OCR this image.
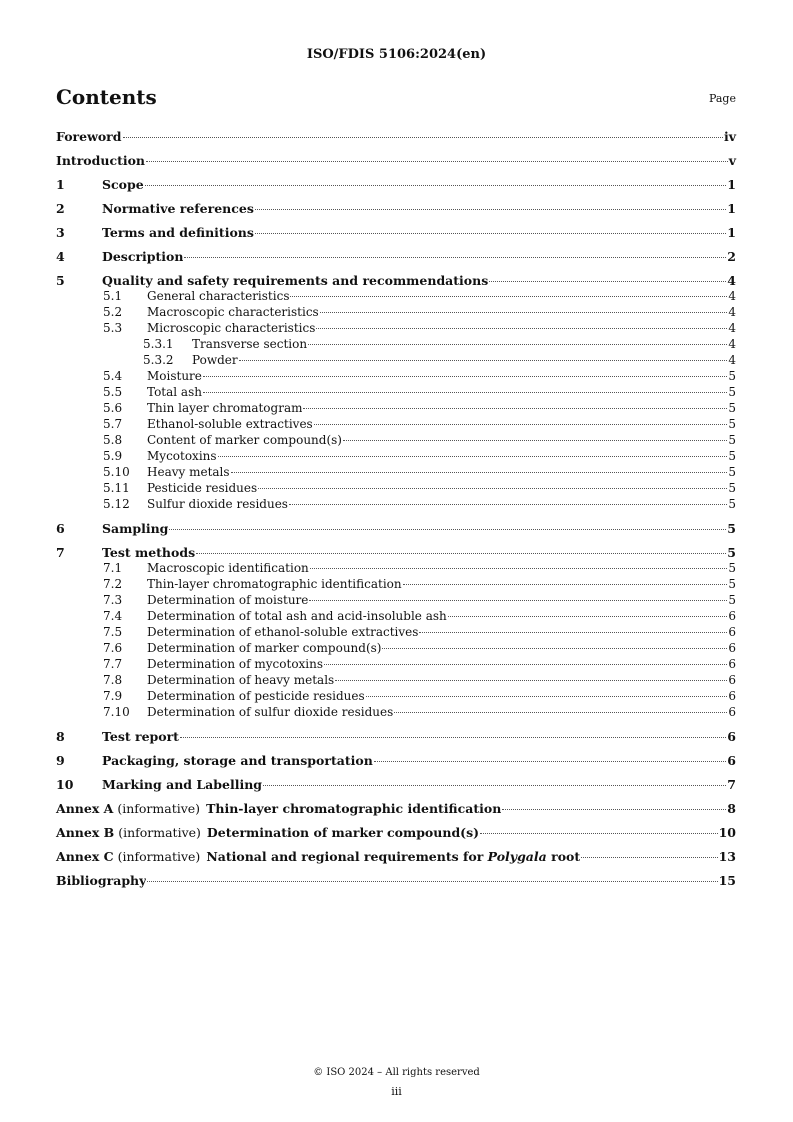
ISO/FDIS 5106:2024(en)
Contents	Page
Foreword	iv
Introduction	v
1	Scope	1
2	Normative references	1
3	Terms and definitions	1
4	Description	2
5	Quality and safety requirements and recommendations	4
5.1	General characteristics	4
5.2	Macroscopic characteristics	4
5.3	Microscopic characteristics	4
5.3.1	Transverse section	4
5.3.2	Powder	4
5.4	Moisture	5
5.5	Total ash	5
5.6	Thin layer chromatogram	5
5.7	Ethanol-soluble extractives	5
5.8	Content of marker compound(s)	5
5.9	Mycotoxins	5
5.10	Heavy metals	5
5.11	Pesticide residues	5
5.12	Sulfur dioxide residues	5
6	Sampling	5
7	Test methods	5
7.1	Macroscopic identification	5
7.2	Thin-layer chromatographic identification	5
7.3	Determination of moisture	5
7.4	Determination of total ash and acid-insoluble ash	6
7.5	Determination of ethanol-soluble extractives	6
7.6	Determination of marker compound(s)	6
7.7	Determination of mycotoxins	6
7.8	Determination of heavy metals	6
7.9	Determination of pesticide residues	6
7.10	Determination of sulfur dioxide residues	6
8	Test report	6
9	Packaging, storage and transportation	6
10	Marking and Labelling	7
Annex A (informative) Thin-layer chromatographic identification	8
Annex B (informative) Determination of marker compound(s)	10
Annex C (informative) National and regional requirements for Polygala root	13
Bibliography	15
© ISO 2024 – All rights reserved
iii
